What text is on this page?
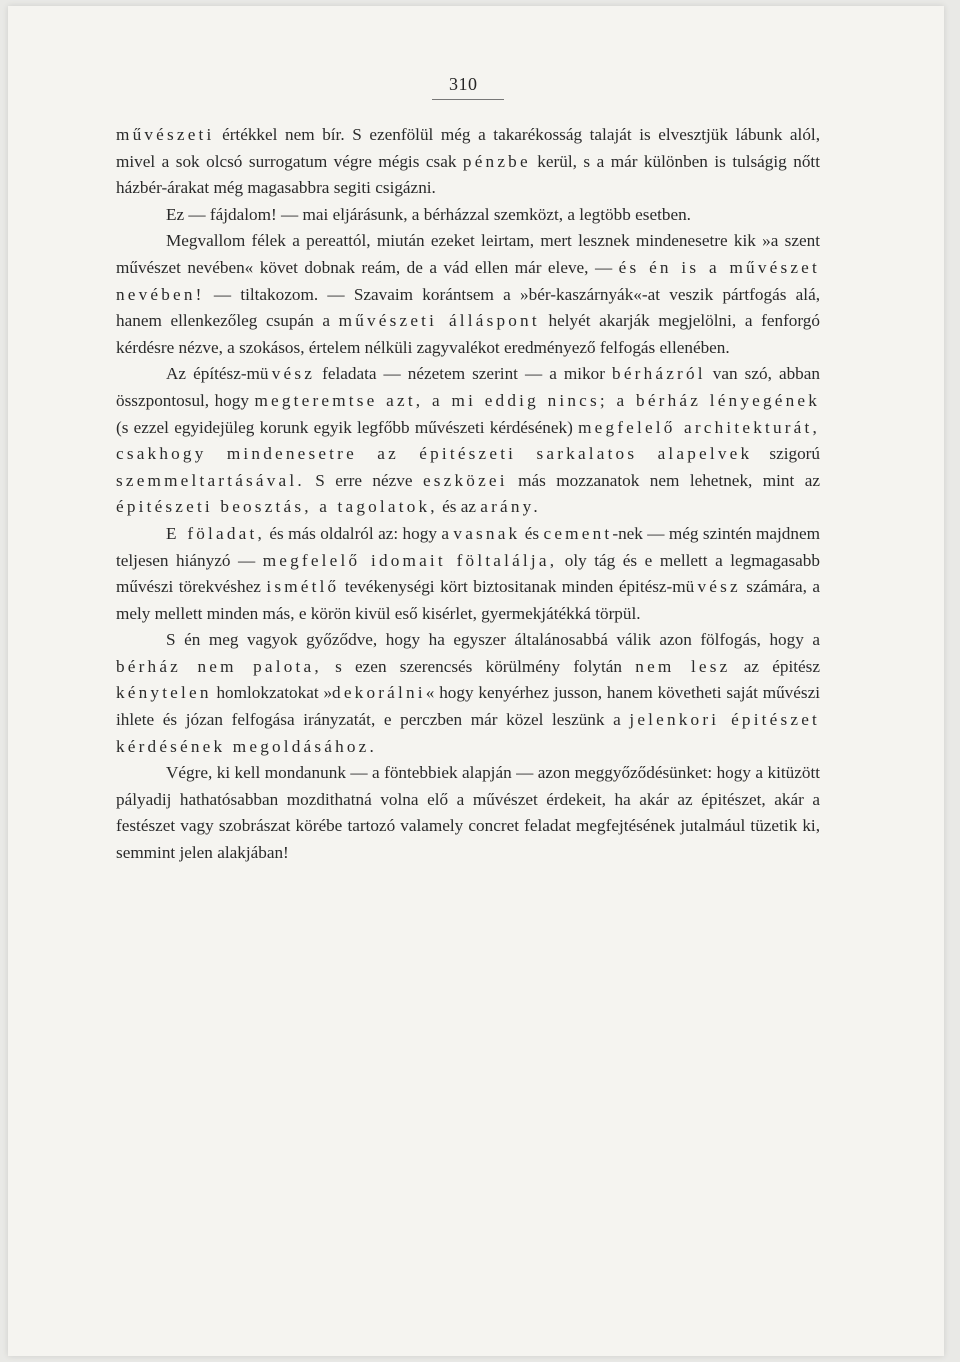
310

művészeti értékkel nem bír. S ezenfölül még a takarékosság talaját is elvesztjük lábunk alól, mivel a sok olcsó surrogatum végre mégis csak pénzbe kerül, s a már különben is tulságig nőtt házbér-árakat még magasabbra segiti csigázni.

Ez — fájdalom! — mai eljárásunk, a bérházzal szemközt, a legtöbb esetben.

Megvallom félek a pereattól, miután ezeket leirtam, mert lesznek mindenesetre kik »a szent művészet nevében« követ dobnak reám, de a vád ellen már eleve, — és én is a művészet nevében! — tiltakozom. — Szavaim korántsem a »bér-kaszárnyák«-at veszik pártfogás alá, hanem ellenkezőleg csupán a művészeti álláspont helyét akarják megjelölni, a fenforgó kérdésre nézve, a szokásos, értelem nélküli zagyvalékot eredményező felfogás ellenében.

Az építész-müvész feladata — nézetem szerint — a mikor bérházról van szó, abban összpontosul, hogy megteremtse azt, a mi eddig nincs; a bérház lényegének (s ezzel egyidejüleg korunk egyik legfőbb művészeti kérdésének) megfelelő architekturát, csakhogy mindenesetre az épitészeti sarkalatos alapelvek szigorú szemmeltartásával. S erre nézve eszközei más mozzanatok nem lehetnek, mint az épitészeti beosztás, a tagolatok, és az arány.

E föladat, és más oldalról az: hogy a vasnak és cement-nek — még szintén majdnem teljesen hiányzó — megfelelő idomait föltalálja, oly tág és e mellett a legmagasabb művészi törekvéshez ismétlő tevékenységi kört biztositanak minden épitész-müvész számára, a mely mellett minden más, e körön kivül eső kisérlet, gyermekjátékká törpül.

S én meg vagyok győződve, hogy ha egyszer általánosabbá válik azon fölfogás, hogy a bérház nem palota, s ezen szerencsés körülmény folytán nem lesz az épitész kénytelen homlokzatokat »dekorálni« hogy kenyérhez jusson, hanem követheti saját művészi ihlete és józan felfogása irányzatát, e perczben már közel leszünk a jelenkori épitészet kérdésének megoldásához.

Végre, ki kell mondanunk — a föntebbiek alapján — azon meggyőződésünket: hogy a kitüzött pályadij hathatósabban mozdithatná volna elő a művészet érdekeit, ha akár az épitészet, akár a festészet vagy szobrászat körébe tartozó valamely concret feladat megfejtésének jutalmául tüzetik ki, semmint jelen alakjában!
